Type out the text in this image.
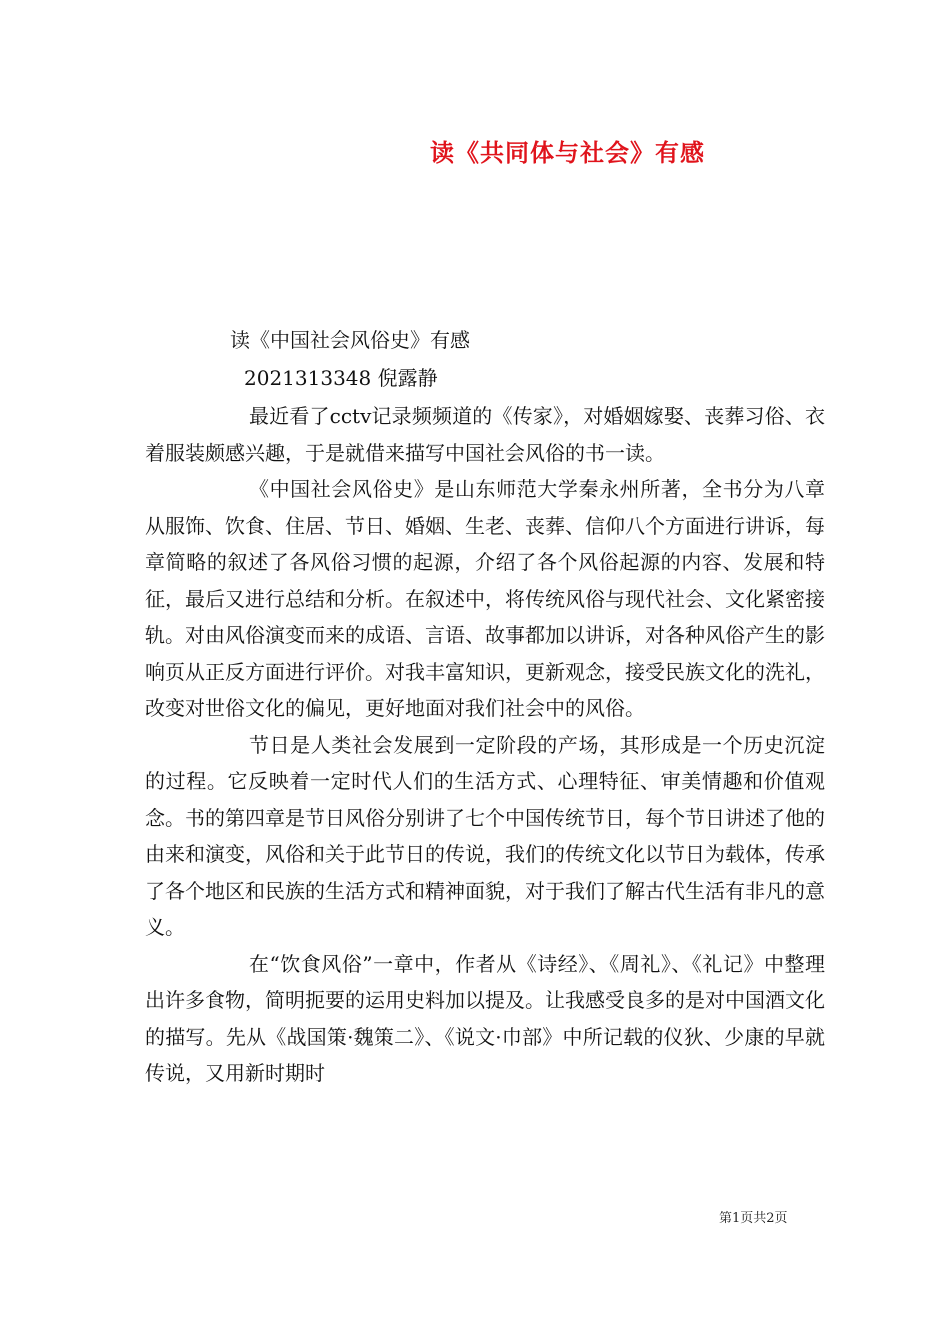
读《共同体与社会》有感
读《中国社会风俗史》有感
2021313348 倪露静

最近看了cctv记录频频道的《传家》，对婚姻嫁娶、丧葬习俗、衣着服装颇感兴趣，于是就借来描写中国社会风俗的书一读。

《中国社会风俗史》是山东师范大学秦永州所著，全书分为八章从服饰、饮食、住居、节日、婚姻、生老、丧葬、信仰八个方面进行讲诉，每章简略的叙述了各风俗习惯的起源，介绍了各个风俗起源的内容、发展和特征，最后又进行总结和分析。在叙述中，将传统风俗与现代社会、文化紧密接轨。对由风俗演变而来的成语、言语、故事都加以讲诉，对各种风俗产生的影响页从正反方面进行评价。对我丰富知识，更新观念，接受民族文化的洗礼，改变对世俗文化的偏见，更好地面对我们社会中的风俗。

节日是人类社会发展到一定阶段的产场，其形成是一个历史沉淀的过程。它反映着一定时代人们的生活方式、心理特征、审美情趣和价值观念。书的第四章是节日风俗分别讲了七个中国传统节日，每个节日讲述了他的由来和演变，风俗和关于此节日的传说，我们的传统文化以节日为载体，传承了各个地区和民族的生活方式和精神面貌，对于我们了解古代生活有非凡的意义。

在“饮食风俗”一章中，作者从《诗经》、《周礼》、《礼记》中整理出许多食物，简明扼要的运用史料加以提及。让我感受良多的是对中国酒文化的描写。先从《战国策·魏策二》、《说文·巾部》中所记载的仪狄、少康的早就传说，又用新时期时

第1页共2页
